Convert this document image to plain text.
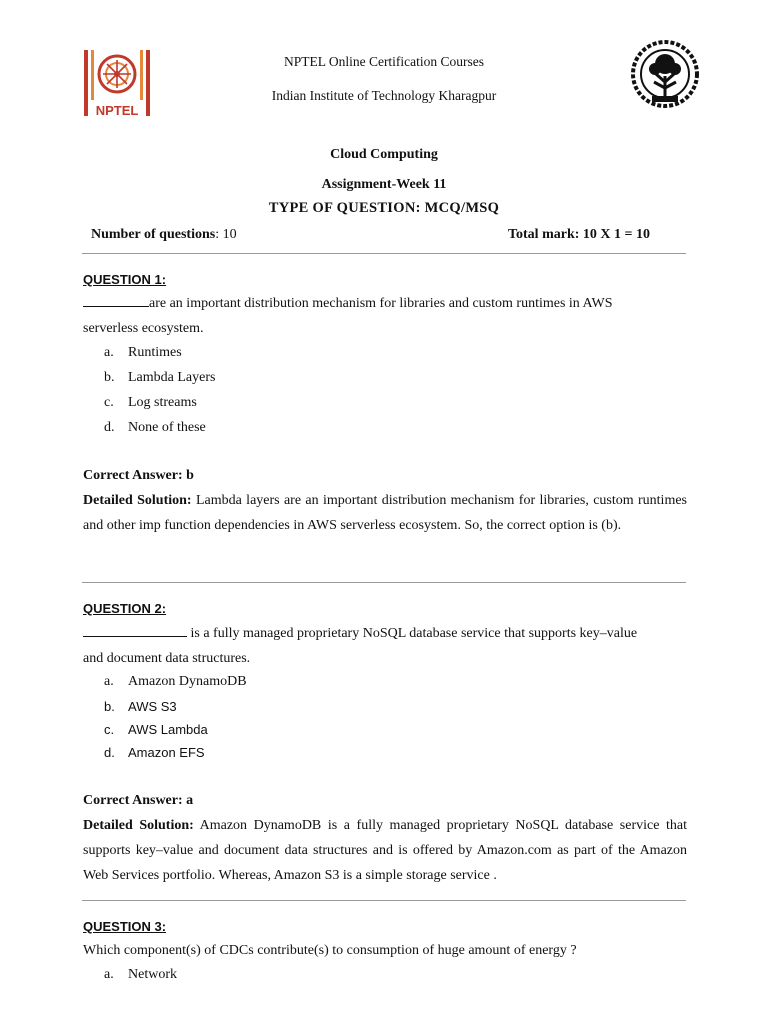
NPTEL
NPTEL Online Certification Courses
Indian Institute of Technology Kharagpur
Cloud Computing
Assignment-Week 11
TYPE OF QUESTION: MCQ/MSQ
Number of questions: 10	Total mark: 10 X 1 = 10
QUESTION 1:
are an important distribution mechanism for libraries and custom runtimes in AWS
serverless ecosystem.
a. Runtimes
b. Lambda Layers
c. Log streams
d. None of these
Correct Answer: b
Detailed Solution: Lambda layers are an important distribution mechanism for libraries, custom runtimes and other imp function dependencies in AWS serverless ecosystem. So, the correct option is (b).
QUESTION 2:
is a fully managed proprietary NoSQL database service that supports key–value
and document data structures.
a. Amazon DynamoDB
b. AWS S3
c. AWS Lambda
d. Amazon EFS
Correct Answer: a
Detailed Solution: Amazon DynamoDB is a fully managed proprietary NoSQL database service that supports key–value and document data structures and is offered by Amazon.com as part of the Amazon Web Services portfolio. Whereas, Amazon S3 is a simple storage service .
QUESTION 3:
Which component(s) of CDCs contribute(s) to consumption of huge amount of energy ?
a. Network
